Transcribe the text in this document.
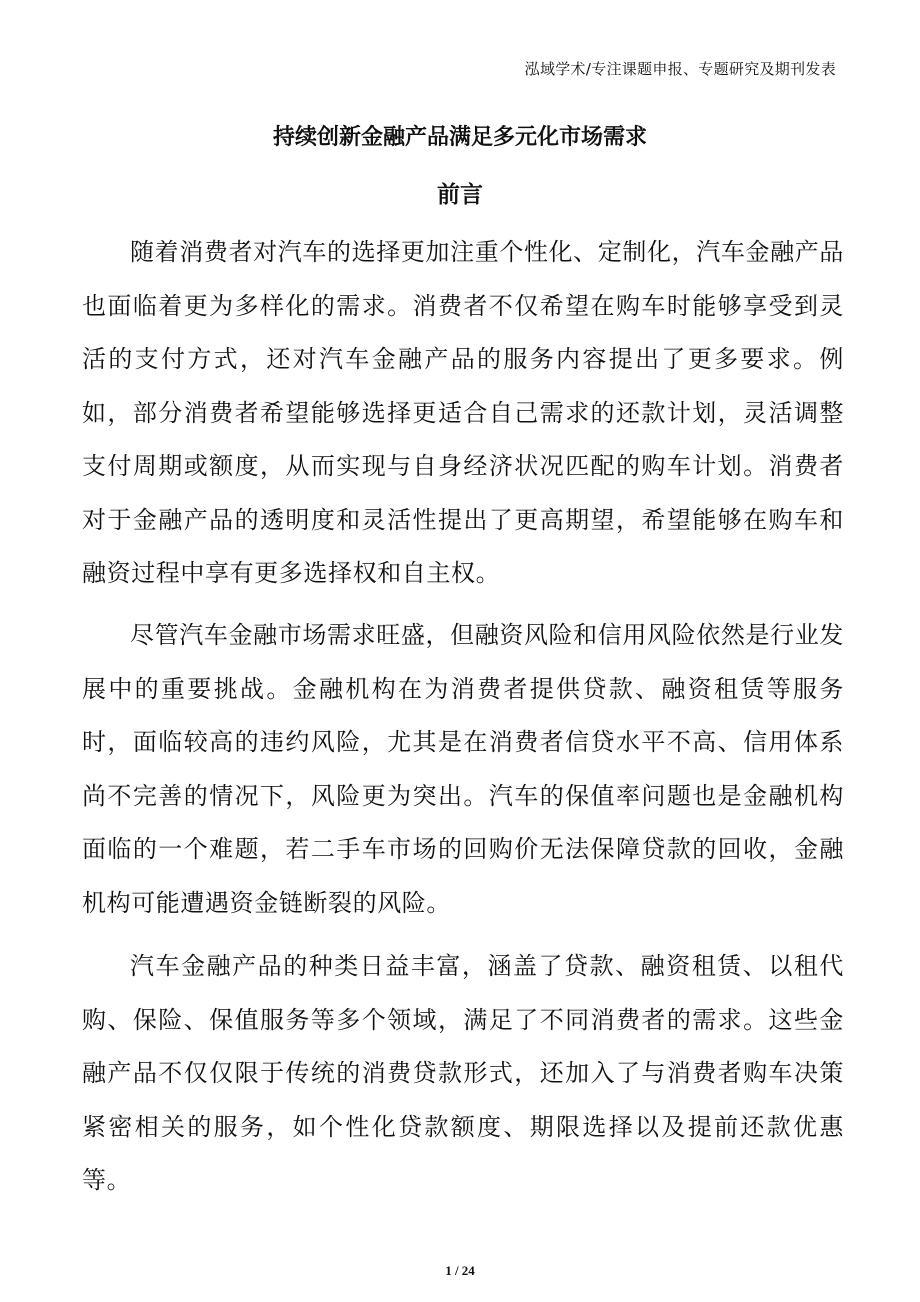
泓域学术/专注课题申报、专题研究及期刊发表
持续创新金融产品满足多元化市场需求
前言

随着消费者对汽车的选择更加注重个性化、定制化，汽车金融产品也面临着更为多样化的需求。消费者不仅希望在购车时能够享受到灵活的支付方式，还对汽车金融产品的服务内容提出了更多要求。例如，部分消费者希望能够选择更适合自己需求的还款计划，灵活调整支付周期或额度，从而实现与自身经济状况匹配的购车计划。消费者对于金融产品的透明度和灵活性提出了更高期望，希望能够在购车和融资过程中享有更多选择权和自主权。

尽管汽车金融市场需求旺盛，但融资风险和信用风险依然是行业发展中的重要挑战。金融机构在为消费者提供贷款、融资租赁等服务时，面临较高的违约风险，尤其是在消费者信贷水平不高、信用体系尚不完善的情况下，风险更为突出。汽车的保值率问题也是金融机构面临的一个难题，若二手车市场的回购价无法保障贷款的回收，金融机构可能遭遇资金链断裂的风险。

汽车金融产品的种类日益丰富，涵盖了贷款、融资租赁、以租代购、保险、保值服务等多个领域，满足了不同消费者的需求。这些金融产品不仅仅限于传统的消费贷款形式，还加入了与消费者购车决策紧密相关的服务，如个性化贷款额度、期限选择以及提前还款优惠等。

1 / 24
